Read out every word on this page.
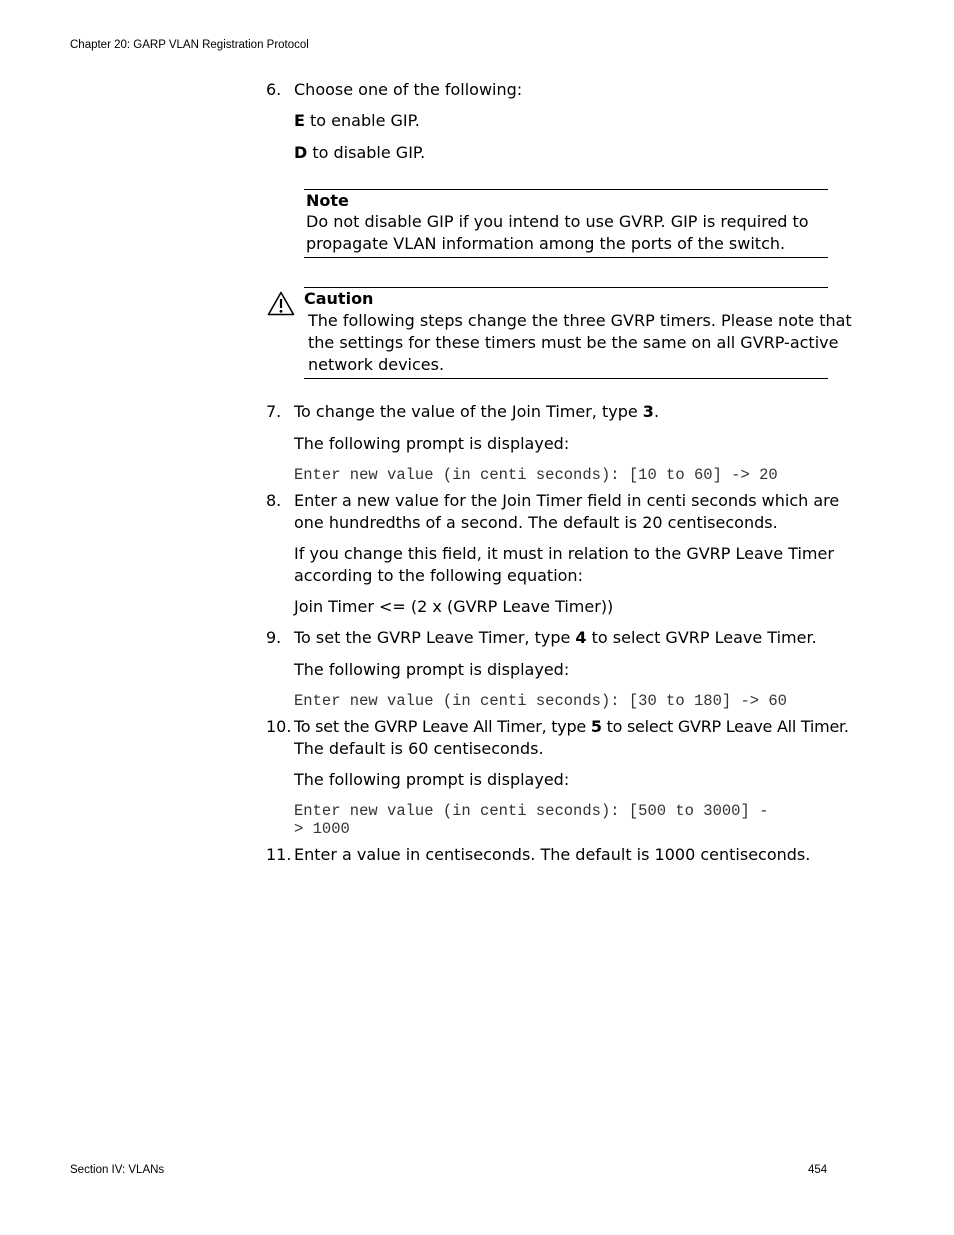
Chapter 20: GARP VLAN Registration Protocol
6. Choose one of the following:
E to enable GIP.
D to disable GIP.
Note
Do not disable GIP if you intend to use GVRP. GIP is required to
propagate VLAN information among the ports of the switch.
Caution
The following steps change the three GVRP timers. Please note that
the settings for these timers must be the same on all GVRP-active
network devices.
7. To change the value of the Join Timer, type 3.
The following prompt is displayed:
Enter new value (in centi seconds): [10 to 60] -> 20
8. Enter a new value for the Join Timer field in centi seconds which are
one hundredths of a second. The default is 20 centiseconds.
If you change this field, it must in relation to the GVRP Leave Timer
according to the following equation:
Join Timer <= (2 x (GVRP Leave Timer))
9. To set the GVRP Leave Timer, type 4 to select GVRP Leave Timer.
The following prompt is displayed:
Enter new value (in centi seconds): [30 to 180] -> 60
10. To set the GVRP Leave All Timer, type 5 to select GVRP Leave All Timer.
The default is 60 centiseconds.
The following prompt is displayed:
Enter new value (in centi seconds): [500 to 3000] -
> 1000
11. Enter a value in centiseconds. The default is 1000 centiseconds.
Section IV: VLANs	454
